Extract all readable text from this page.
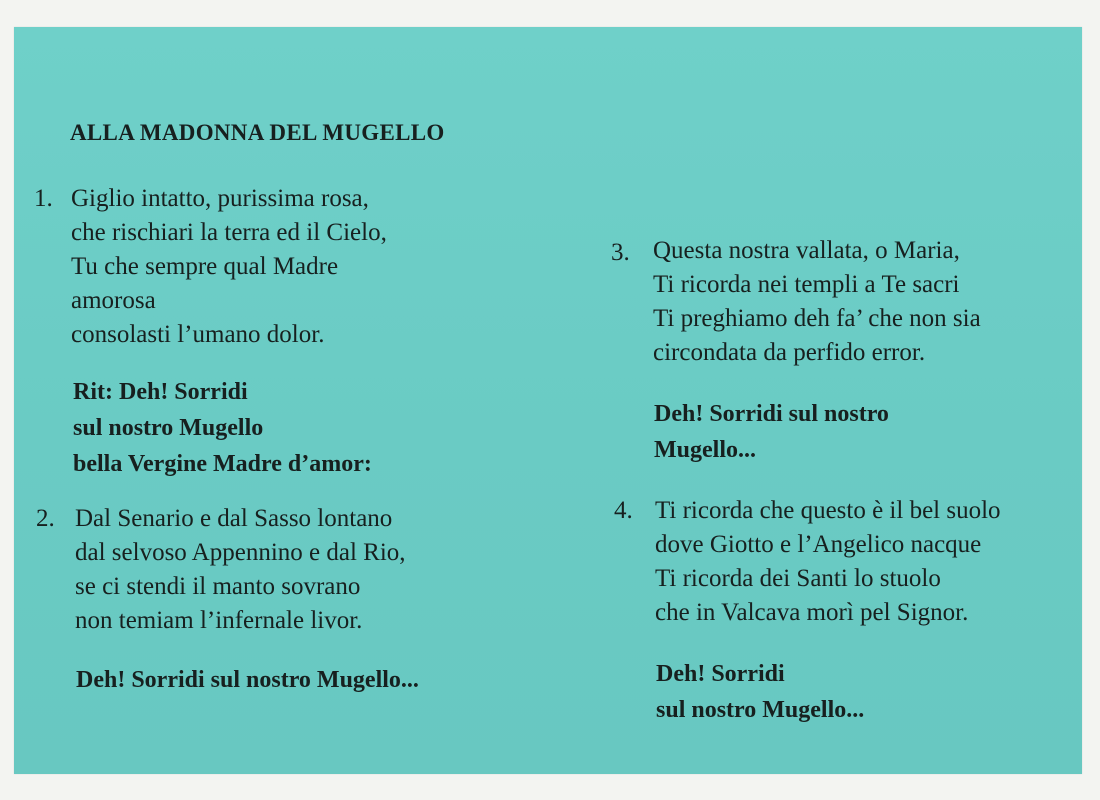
ALLA MADONNA DEL MUGELLO
1. Giglio intatto, purissima rosa,
che rischiari la terra ed il Cielo,
Tu che sempre qual Madre
amorosa
consolasti l’umano dolor.
Rit: Deh! Sorridi
sul nostro Mugello
bella Vergine Madre d’amor:
2. Dal Senario e dal Sasso lontano
dal selvoso Appennino e dal Rio,
se ci stendi il manto sovrano
non temiam l’infernale livor.
Deh! Sorridi sul nostro Mugello...
3. Questa nostra vallata, o Maria,
Ti ricorda nei templi a Te sacri
Ti preghiamo deh fa’ che non sia
circondata da perfido error.
Deh! Sorridi sul nostro
Mugello...
4. Ti ricorda che questo è il bel suolo
dove Giotto e l’Angelico nacque
Ti ricorda dei Santi lo stuolo
che in Valcava morì pel Signor.
Deh! Sorridi
sul nostro Mugello...
